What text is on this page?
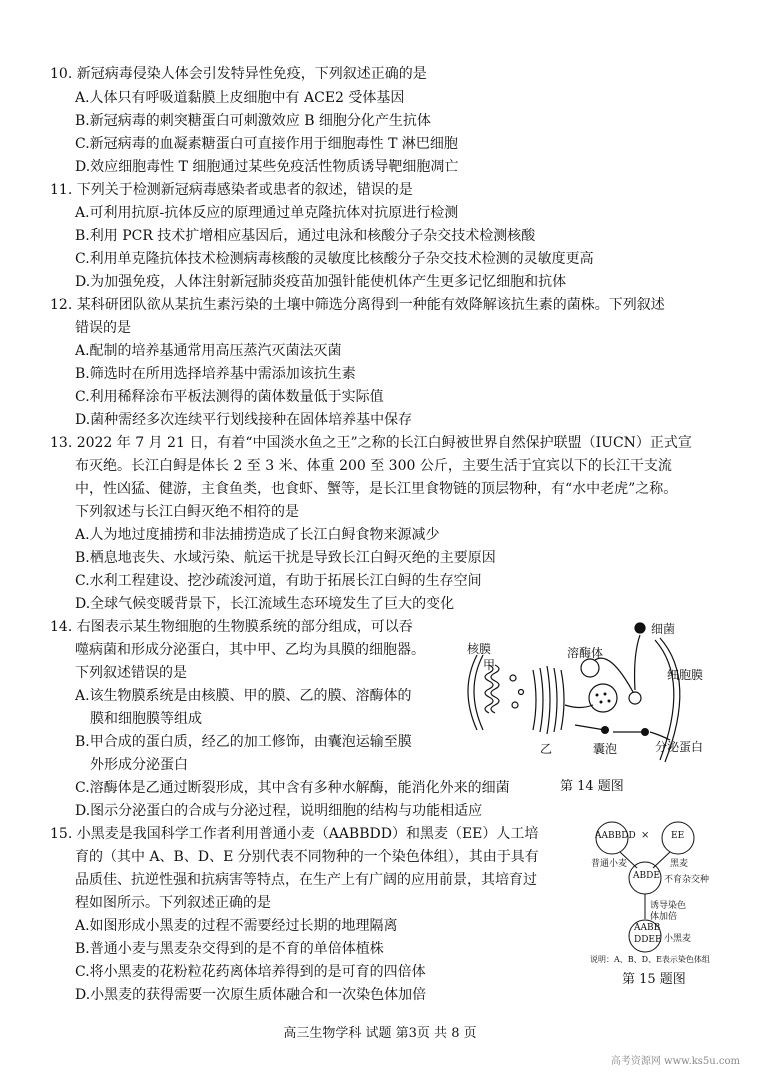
10. 新冠病毒侵染人体会引发特异性免疫，下列叙述正确的是
A.人体只有呼吸道黏膜上皮细胞中有 ACE2 受体基因
B.新冠病毒的刺突糖蛋白可刺激效应 B 细胞分化产生抗体
C.新冠病毒的血凝素糖蛋白可直接作用于细胞毒性 T 淋巴细胞
D.效应细胞毒性 T 细胞通过某些免疫活性物质诱导靶细胞凋亡
11. 下列关于检测新冠病毒感染者或患者的叙述，错误的是
A.可利用抗原-抗体反应的原理通过单克隆抗体对抗原进行检测
B.利用 PCR 技术扩增相应基因后，通过电泳和核酸分子杂交技术检测核酸
C.利用单克隆抗体技术检测病毒核酸的灵敏度比核酸分子杂交技术检测的灵敏度更高
D.为加强免疫，人体注射新冠肺炎疫苗加强针能使机体产生更多记忆细胞和抗体
12. 某科研团队欲从某抗生素污染的土壤中筛选分离得到一种能有效降解该抗生素的菌株。下列叙述
错误的是
A.配制的培养基通常用高压蒸汽灭菌法灭菌
B.筛选时在所用选择培养基中需添加该抗生素
C.利用稀释涂布平板法测得的菌体数量低于实际值
D.菌种需经多次连续平行划线接种在固体培养基中保存
13. 2022 年 7 月 21 日，有着“中国淡水鱼之王”之称的长江白鲟被世界自然保护联盟（IUCN）正式宣
布灭绝。长江白鲟是体长 2 至 3 米、体重 200 至 300 公斤，主要生活于宜宾以下的长江干支流
中，性凶猛、健游，主食鱼类，也食虾、蟹等，是长江里食物链的顶层物种，有“水中老虎”之称。
下列叙述与长江白鲟灭绝不相符的是
A.人为地过度捕捞和非法捕捞造成了长江白鲟食物来源减少
B.栖息地丧失、水域污染、航运干扰是导致长江白鲟灭绝的主要原因
C.水利工程建设、挖沙疏浚河道，有助于拓展长江白鲟的生存空间
D.全球气候变暖背景下，长江流域生态环境发生了巨大的变化
14. 右图表示某生物细胞的生物膜系统的部分组成，可以吞
噬病菌和形成分泌蛋白，其中甲、乙均为具膜的细胞器。
下列叙述错误的是
A.该生物膜系统是由核膜、甲的膜、乙的膜、溶酶体的
膜和细胞膜等组成
B.甲合成的蛋白质，经乙的加工修饰，由囊泡运输至膜
外形成分泌蛋白
C.溶酶体是乙通过断裂形成，其中含有多种水解酶，能消化外来的细菌
D.图示分泌蛋白的合成与分泌过程，说明细胞的结构与功能相适应
核膜
甲
乙
溶酶体
细菌
细胞膜
囊泡	分泌蛋白
第 14 题图
15. 小黑麦是我国科学工作者利用普通小麦（AABBDD）和黑麦（EE）人工培
育的（其中 A、B、D、E 分别代表不同物种的一个染色体组），其由于具有
品质佳、抗逆性强和抗病害等特点，在生产上有广阔的应用前景，其培育过
程如图所示。下列叙述正确的是
A.如图形成小黑麦的过程不需要经过长期的地理隔离
B.普通小麦与黑麦杂交得到的是不育的单倍体植株
C.将小黑麦的花粉粒花药离体培养得到的是可育的四倍体
D.小黑麦的获得需要一次原生质体融合和一次染色体加倍
AABBDD
普通小麦
× EE
黑麦
ABDE 不育杂交种
诱导染色
体加倍
AABB
DDEE 小黑麦
说明：A、B、D、E表示染色体组
第 15 题图
高三生物学科 试题 第3页 共 8 页
高考资源网 www.ks5u.com
